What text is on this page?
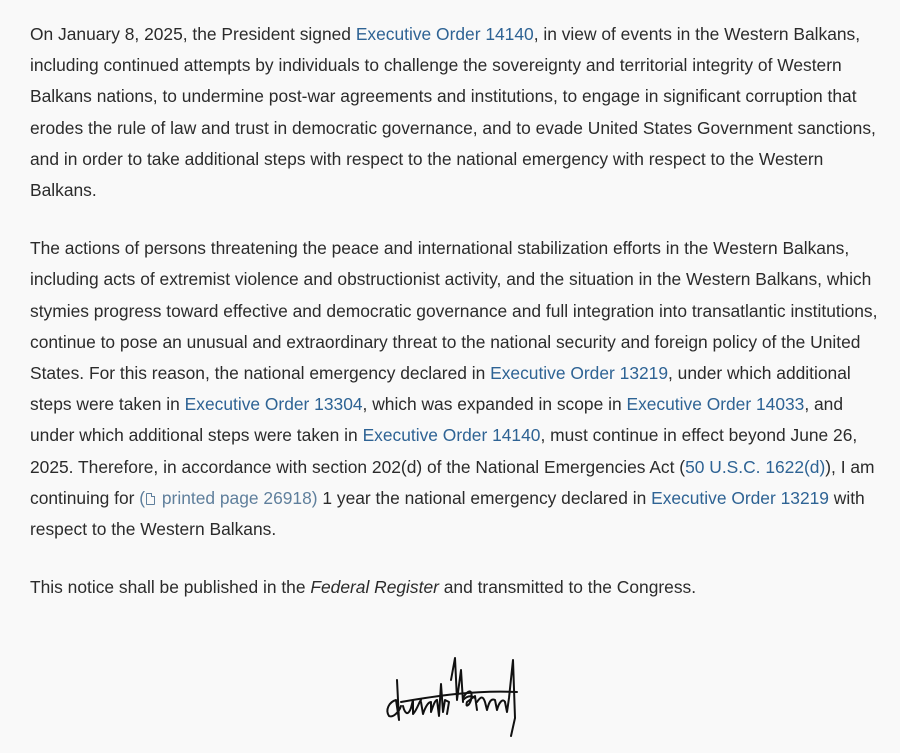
On January 8, 2025, the President signed Executive Order 14140, in view of events in the Western Balkans, including continued attempts by individuals to challenge the sovereignty and territorial integrity of Western Balkans nations, to undermine post-war agreements and institutions, to engage in significant corruption that erodes the rule of law and trust in democratic governance, and to evade United States Government sanctions, and in order to take additional steps with respect to the national emergency with respect to the Western Balkans.

The actions of persons threatening the peace and international stabilization efforts in the Western Balkans, including acts of extremist violence and obstructionist activity, and the situation in the Western Balkans, which stymies progress toward effective and democratic governance and full integration into transatlantic institutions, continue to pose an unusual and extraordinary threat to the national security and foreign policy of the United States. For this reason, the national emergency declared in Executive Order 13219, under which additional steps were taken in Executive Order 13304, which was expanded in scope in Executive Order 14033, and under which additional steps were taken in Executive Order 14140, must continue in effect beyond June 26, 2025. Therefore, in accordance with section 202(d) of the National Emergencies Act (50 U.S.C. 1622(d)), I am continuing for ( printed page 26918) 1 year the national emergency declared in Executive Order 13219 with respect to the Western Balkans.

This notice shall be published in the Federal Register and transmitted to the Congress.
